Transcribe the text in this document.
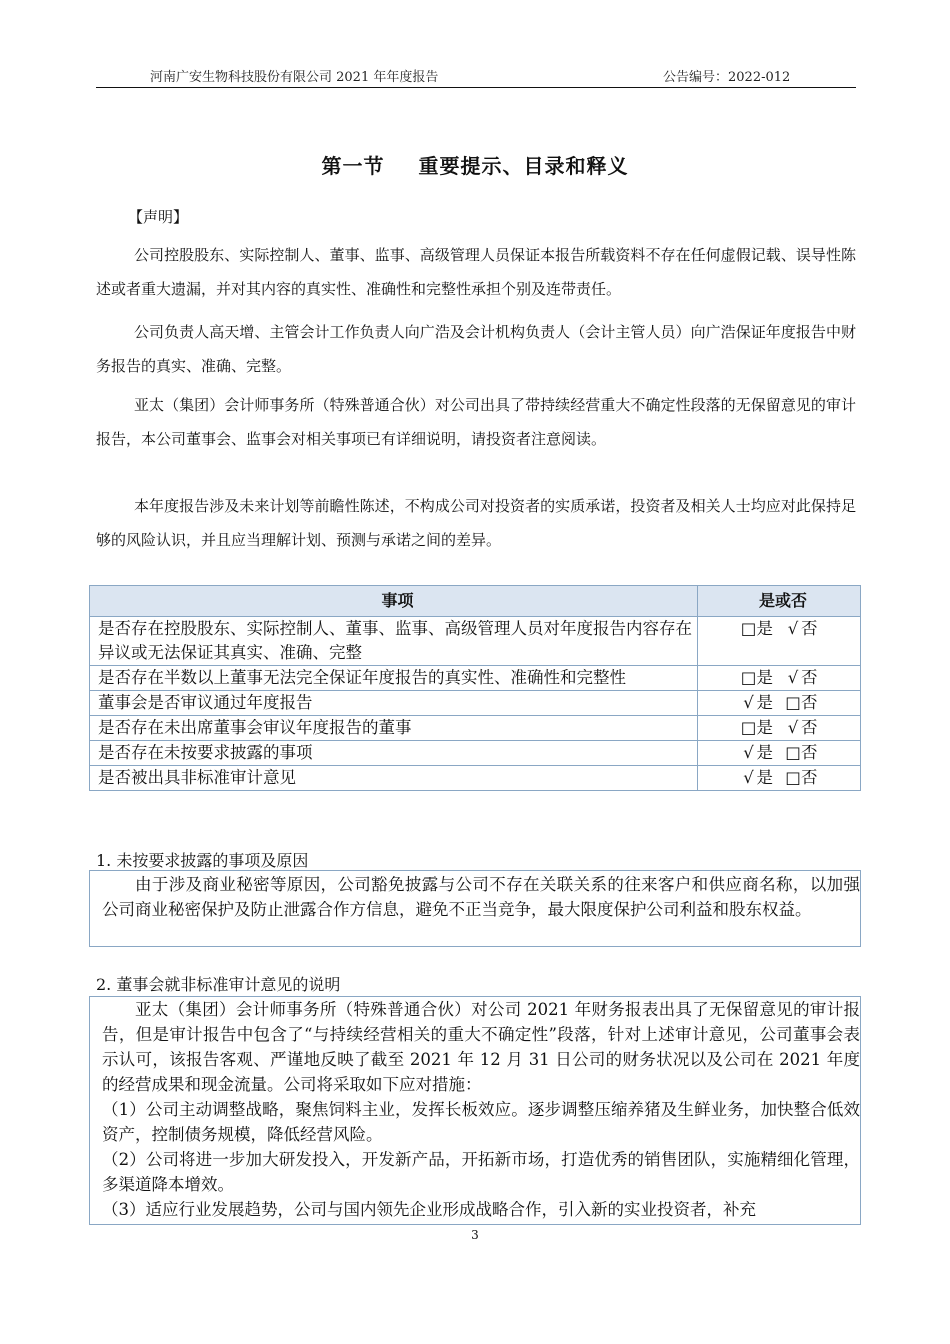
河南广安生物科技股份有限公司 2021 年年度报告	公告编号：2022-012
第一节 重要提示、目录和释义
【声明】

公司控股股东、实际控制人、董事、监事、高级管理人员保证本报告所载资料不存在任何虚假记载、误导性陈述或者重大遗漏，并对其内容的真实性、准确性和完整性承担个别及连带责任。

公司负责人高天增、主管会计工作负责人向广浩及会计机构负责人（会计主管人员）向广浩保证年度报告中财务报告的真实、准确、完整。

亚太（集团）会计师事务所（特殊普通合伙）对公司出具了带持续经营重大不确定性段落的无保留意见的审计报告，本公司董事会、监事会对相关事项已有详细说明，请投资者注意阅读。

本年度报告涉及未来计划等前瞻性陈述，不构成公司对投资者的实质承诺，投资者及相关人士均应对此保持足够的风险认识，并且应当理解计划、预测与承诺之间的差异。

事项	是或否
是否存在控股股东、实际控制人、董事、监事、高级管理人员对年度报告内容存在异议或无法保证其真实、准确、完整	□是 √ 否
是否存在半数以上董事无法完全保证年度报告的真实性、准确性和完整性	□是 √ 否
董事会是否审议通过年度报告	√ 是 □否
是否存在未出席董事会审议年度报告的董事	□是 √ 否
是否存在未按要求披露的事项	√ 是 □否
是否被出具非标准审计意见	√ 是 □否
1. 未按要求披露的事项及原因

由于涉及商业秘密等原因，公司豁免披露与公司不存在关联关系的往来客户和供应商名称，以加强公司商业秘密保护及防止泄露合作方信息，避免不正当竞争，最大限度保护公司利益和股东权益。

2. 董事会就非标准审计意见的说明

亚太（集团）会计师事务所（特殊普通合伙）对公司 2021 年财务报表出具了无保留意见的审计报告，但是审计报告中包含了“与持续经营相关的重大不确定性”段落，针对上述审计意见，公司董事会表示认可，该报告客观、严谨地反映了截至 2021 年 12 月 31 日公司的财务状况以及公司在 2021 年度的经营成果和现金流量。公司将采取如下应对措施：

（1）公司主动调整战略，聚焦饲料主业，发挥长板效应。逐步调整压缩养猪及生鲜业务，加快整合低效资产，控制债务规模，降低经营风险。

（2）公司将进一步加大研发投入，开发新产品，开拓新市场，打造优秀的销售团队，实施精细化管理，多渠道降本增效。

（3）适应行业发展趋势，公司与国内领先企业形成战略合作，引入新的实业投资者，补充

3
